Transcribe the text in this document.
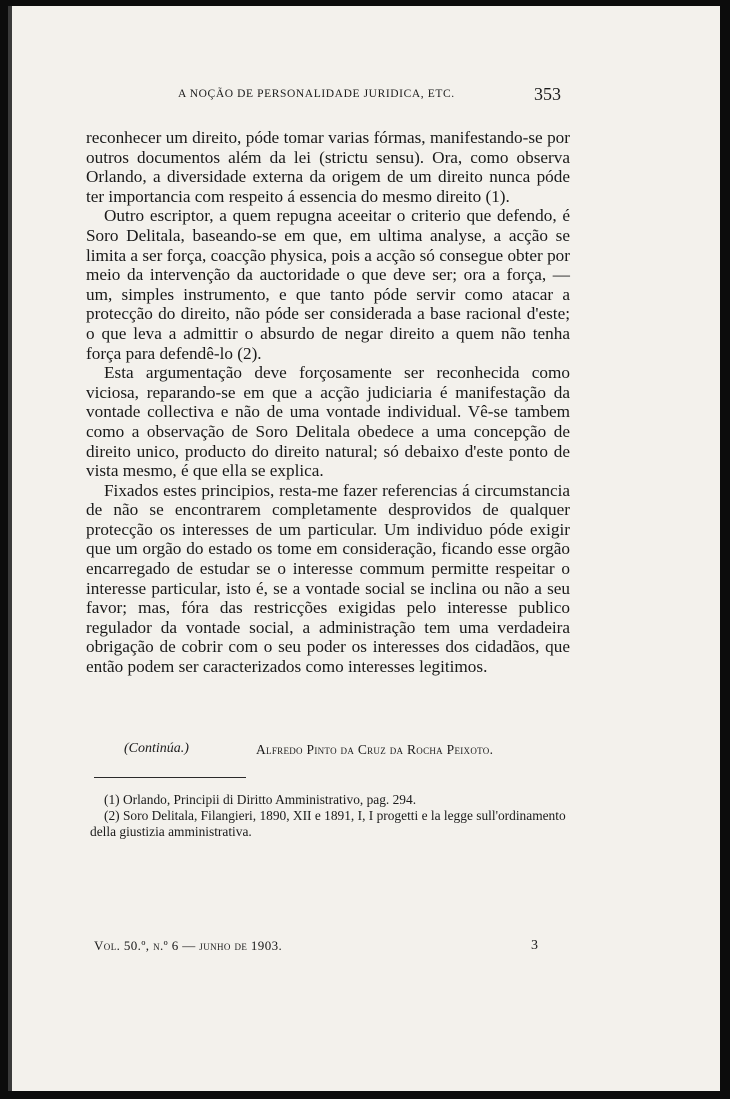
A NOÇÃO DE PERSONALIDADE JURIDICA, ETC.	353

reconhecer um direito, póde tomar varias fórmas, manifestando-se por outros documentos além da lei (strictu sensu). Ora, como observa Orlando, a diversidade externa da origem de um direito nunca póde ter importancia com respeito á essencia do mesmo direito (1).

Outro escriptor, a quem repugna aceeitar o criterio que defendo, é Soro Delitala, baseando-se em que, em ultima analyse, a acção se limita a ser força, coacção physica, pois a acção só consegue obter por meio da intervenção da auctoridade o que deve ser; ora a força, — um, simples instrumento, e que tanto póde servir como atacar a protecção do direito, não póde ser considerada a base racional d'este; o que leva a admittir o absurdo de negar direito a quem não tenha força para defendê-lo (2).

Esta argumentação deve forçosamente ser reconhecida como viciosa, reparando-se em que a acção judiciaria é manifestação da vontade collectiva e não de uma vontade individual. Vê-se tambem como a observação de Soro Delitala obedece a uma concepção de direito unico, producto do direito natural; só debaixo d'este ponto de vista mesmo, é que ella se explica.

Fixados estes principios, resta-me fazer referencias á circumstancia de não se encontrarem completamente desprovidos de qualquer protecção os interesses de um particular. Um individuo póde exigir que um orgão do estado os tome em consideração, ficando esse orgão encarregado de estudar se o interesse commum permitte respeitar o interesse particular, isto é, se a vontade social se inclina ou não a seu favor; mas, fóra das restricções exigidas pelo interesse publico regulador da vontade social, a administração tem uma verdadeira obrigação de cobrir com o seu poder os interesses dos cidadãos, que então podem ser caracterizados como interesses legitimos.

(Continúa.)	Alfredo Pinto da Cruz da Rocha Peixoto.

(1) Orlando, Principii di Diritto Amministrativo, pag. 294.

(2) Soro Delitala, Filangieri, 1890, XII e 1891, I, I progetti e la legge sull'ordinamento della giustizia amministrativa.

Vol. 50.º, n.º 6 — junho de 1903.	3
